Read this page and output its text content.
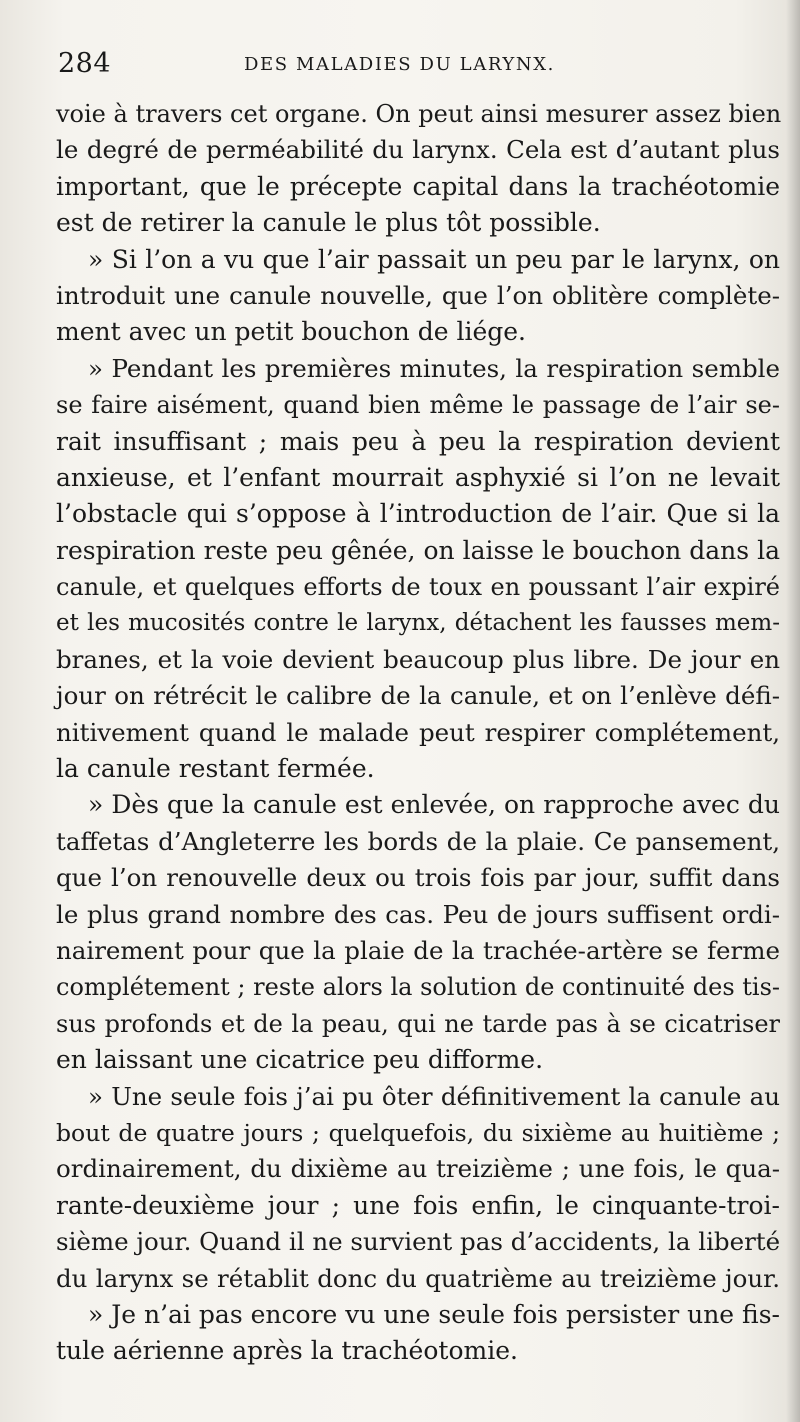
284	DES MALADIES DU LARYNX.
voie à travers cet organe. On peut ainsi mesurer assez bien
le degré de perméabilité du larynx. Cela est d’autant plus
important, que le précepte capital dans la trachéotomie
est de retirer la canule le plus tôt possible.
» Si l’on a vu que l’air passait un peu par le larynx, on
introduit une canule nouvelle, que l’on oblitère complète-
ment avec un petit bouchon de liége.
» Pendant les premières minutes, la respiration semble
se faire aisément, quand bien même le passage de l’air se-
rait insuffisant ; mais peu à peu la respiration devient
anxieuse, et l’enfant mourrait asphyxié si l’on ne levait
l’obstacle qui s’oppose à l’introduction de l’air. Que si la
respiration reste peu gênée, on laisse le bouchon dans la
canule, et quelques efforts de toux en poussant l’air expiré
et les mucosités contre le larynx, détachent les fausses mem-
branes, et la voie devient beaucoup plus libre. De jour en
jour on rétrécit le calibre de la canule, et on l’enlève défi-
nitivement quand le malade peut respirer complétement,
la canule restant fermée.
» Dès que la canule est enlevée, on rapproche avec du
taffetas d’Angleterre les bords de la plaie. Ce pansement,
que l’on renouvelle deux ou trois fois par jour, suffit dans
le plus grand nombre des cas. Peu de jours suffisent ordi-
nairement pour que la plaie de la trachée-artère se ferme
complétement ; reste alors la solution de continuité des tis-
sus profonds et de la peau, qui ne tarde pas à se cicatriser
en laissant une cicatrice peu difforme.
» Une seule fois j’ai pu ôter définitivement la canule au
bout de quatre jours ; quelquefois, du sixième au huitième ;
ordinairement, du dixième au treizième ; une fois, le qua-
rante-deuxième jour ; une fois enfin, le cinquante-troi-
sième jour. Quand il ne survient pas d’accidents, la liberté
du larynx se rétablit donc du quatrième au treizième jour.
» Je n’ai pas encore vu une seule fois persister une fis-
tule aérienne après la trachéotomie.
